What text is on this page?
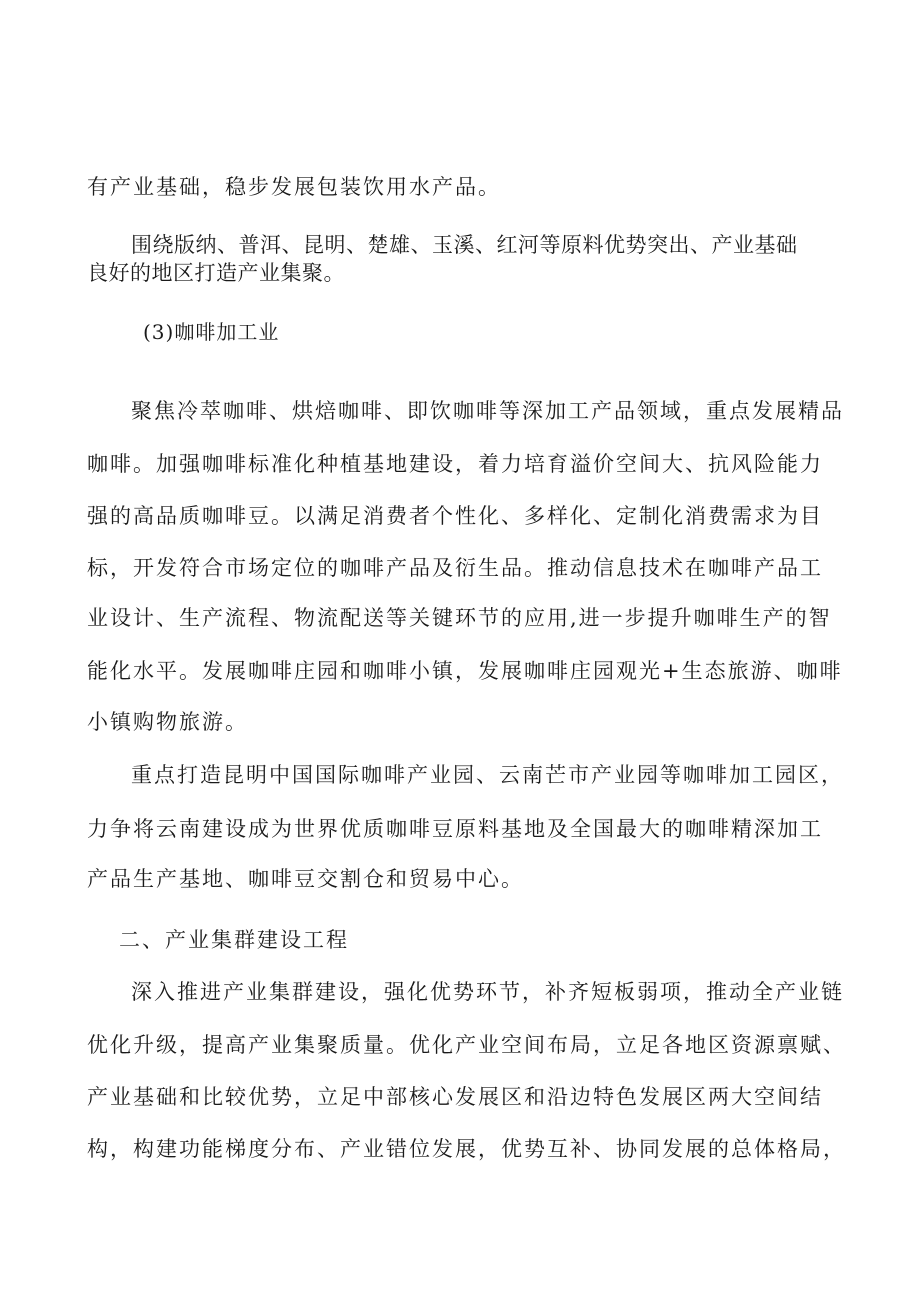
有产业基础，稳步发展包装饮用水产品。
围绕版纳、普洱、昆明、楚雄、玉溪、红河等原料优势突出、产业基础
良好的地区打造产业集聚。
(3)咖啡加工业
聚焦冷萃咖啡、烘焙咖啡、即饮咖啡等深加工产品领域，重点发展精品
咖啡。加强咖啡标准化种植基地建设，着力培育溢价空间大、抗风险能力
强的高品质咖啡豆。以满足消费者个性化、多样化、定制化消费需求为目
标，开发符合市场定位的咖啡产品及衍生品。推动信息技术在咖啡产品工
业设计、生产流程、物流配送等关键环节的应用,进一步提升咖啡生产的智
能化水平。发展咖啡庄园和咖啡小镇，发展咖啡庄园观光+生态旅游、咖啡
小镇购物旅游。
重点打造昆明中国国际咖啡产业园、云南芒市产业园等咖啡加工园区，
力争将云南建设成为世界优质咖啡豆原料基地及全国最大的咖啡精深加工
产品生产基地、咖啡豆交割仓和贸易中心。
二、产业集群建设工程
深入推进产业集群建设，强化优势环节，补齐短板弱项，推动全产业链
优化升级，提高产业集聚质量。优化产业空间布局，立足各地区资源禀赋、
产业基础和比较优势，立足中部核心发展区和沿边特色发展区两大空间结
构，构建功能梯度分布、产业错位发展，优势互补、协同发展的总体格局，
